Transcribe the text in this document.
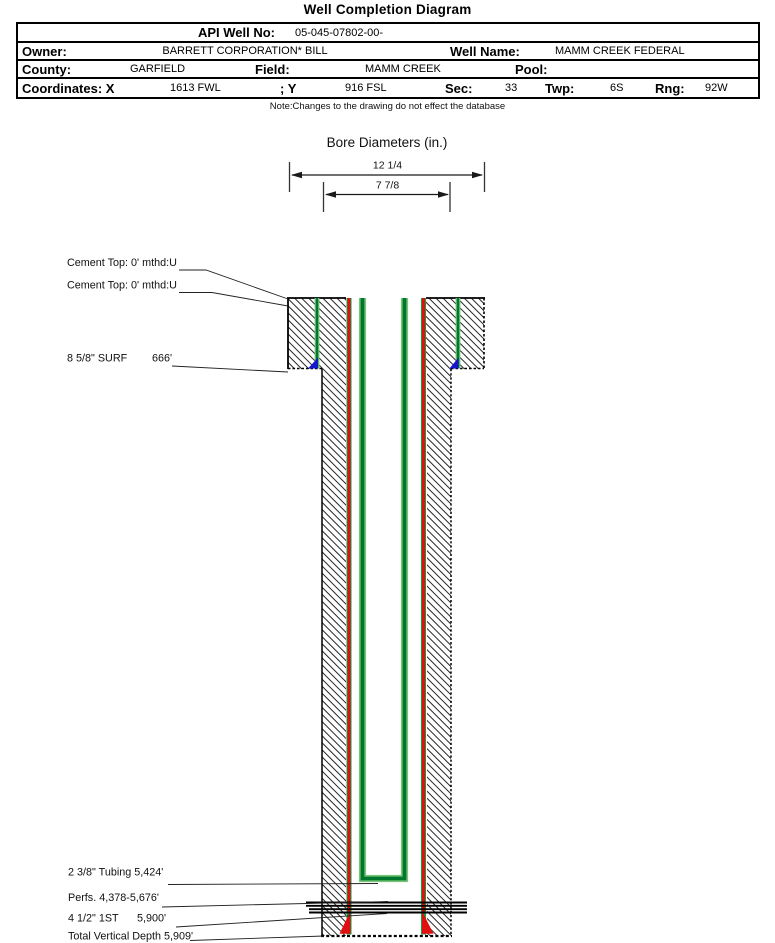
Well Completion Diagram
API Well No: 05-045-07802-00-
Owner:	BARRETT CORPORATION* BILL	Well Name:	MAMM CREEK FEDERAL
County:	GARFIELD	Field:	MAMM CREEK	Pool:
Coordinates: X	1613 FWL	; Y	916 FSL	Sec:	33 Twp:	6S Rng: 92W
Note:Changes to the drawing do not effect the database
Bore Diameters (in.)
12 1/4
7 7/8
Cement Top: 0' mthd:U
Cement Top: 0' mthd:U
8 5/8" SURF 666'
2 3/8" Tubing 5,424'
Perfs. 4,378-5,676'
4 1/2" 1ST 5,900'
Total Vertical Depth 5,909'
